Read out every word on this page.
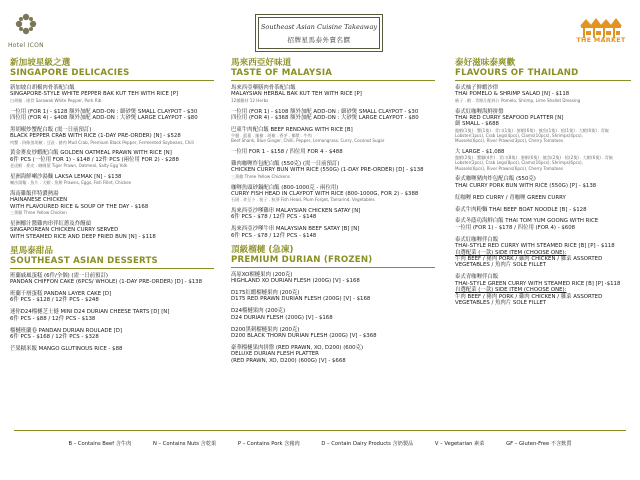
Hotel ICON
Southeast Asian Cuisine Takeaway
招牌星馬泰外賣名饌	THE MARKET
新加坡星級之選
SINGAPORE DELICACIES
新加坡白胡椒肉骨茶配白飯
SINGAPORE-STYLE WHITE PEPPER BAK KUT TEH WITH RICE [P]
白胡椒 . 排骨 Sarawak White Pepper, Pork Rib
一位用 (FOR 1) - $128 額外加配 ADD-ON : 細砂煲 SMALL CLAYPOT - $30
四位用 (FOR 4) - $408 額外加配 ADD-ON : 大砂煲 LARGE CLAYPOT - $80
黑胡椒炒蟹配白飯 (需一日前預訂)
BLACK PEPPER CRAB WITH RICE (1-DAY PRE-ORDER) [N] - $528
肉蟹 . 四條黑胡椒 . 豆豉 . 豬肉 Mud Crab, Premium Black Pepper, Fermented Soybeans, Chili
黃金麥皮炒蝦配白飯 GOLDEN OATMEAL PRAWN WITH RICE [N]
6件 PCS (一位用 FOR 1) - $148 / 12件 PCS (兩位用 FOR 2) - $288
老虎蝦 . 麥皮 . 咖喱葉 Tiger Prawn, Oatmeal, Salty Egg Yolk
星洲海鮮喇沙湯麵 LAKSA LEMAK [N] - $138
喇沙湯麵 . 魚片 . 大蝦 . 魚餅 Prawns, Eggs, Fish Fillet, Chicken
海南雞飯伴特濃熱湯
HAINANESE CHICKEN
WITH FLAVOURED RICE & SOUP OF THE DAY - $168
三黃雞 Three Yellow Chicken
星洲椰汁醬雞肉串伴紅蔥及炸饅頭
SINGAPOREAN CHICKEN CURRY SERVED
WITH STEAMED RICE AND DEEP FRIED BUN [N] - $118
星馬泰甜品
SOUTHEAST ASIAN DESSERTS
班蘭戚風蛋糕 (6件/全個) (需一日前預訂)
PANDAN CHIFFON CAKE (6PCS/ WHOLE) (1-DAY PRE-ORDER) [D] - $138
班蘭千層蛋糕 PANDAN LAYER CAKE [D]
6件 PCS - $128 / 12件 PCS - $248
迷你D24榴槤芝士撻 MINI D24 DURIAN CHEESE TARTS [D] [N]
6件 PCS - $88 / 12件 PCS - $138
榴槤班蘭卷 PANDAN DURIAN ROULADE [D]
6件 PCS - $168 / 12件 PCS - $328
芒果糯米飯 MANGO GLUTINOUS RICE - $88
馬來西亞好味道
TASTE OF MALAYSIA
馬來西亞藥膳肉骨茶配白飯
MALAYSIAN HERBAL BAK KUT TEH WITH RICE [P]
12種藥材 12 Herbs
一位用 (FOR 1) - $108 額外加配 ADD-ON : 細砂煲 SMALL CLAYPOT - $30
四位用 (FOR 4) - $368 額外加配 ADD-ON : 大砂煲 LARGE CLAYPOT - $80
巴東牛肉配白飯 BEEF RENDANG WITH RICE [B]
牛腱 . 藍薑 . 辣椒 . 胡椒 . 香茅 . 椰漿 . 牛肉
Beef Shank, Blue Ginger, Chilli, Pepper, Lemongrass, Curry, Coconut Sugar
一位用 FOR 1 - $158 / 四位用 FOR 4 - $488
雞肉咖喱炸包配白飯 (550克) (需一日前預訂)
CHICKEN CURRY BUN WITH RICE (550G) (1-DAY PRE-ORDER) [D] - $138
三黃雞 Three Yellow Chickens
咖喱魚頭砂鍋配白飯 (800-1000克 - 兩位用)
CURRY FISH HEAD IN CLAYPOT WITH RICE (800-1000G, FOR 2) - $388
石斑 . 炸豆卜 . 茄子 . 秋葵 Fish Head, Plum Forget, Tamarind, Vegetables
馬來西亞沙嗲雞串 MALAYSIAN CHICKEN SATAY [N]
6件 PCS - $78 / 12件 PCS - $148
馬來西亞沙嗲牛串 MALAYSIAN BEEF SATAY [B] [N]
6件 PCS - $78 / 12件 PCS - $148
頂級榴槤 (急凍)
PREMIUM DURIAN (FROZEN)
高原XO榴槤果肉 (200克)
HIGHLAND XO DURIAN FLESH (200G) [V] - $168
D175紅蝦榴槤果肉 (200克)
D175 RED PRAWN DURIAN FLESH (200G) [V] - $168
D24榴槤果肉 (200克)
D24 DURIAN FLESH (200G) [V] - $168
D200黑刺榴槤果肉 (200克)
D200 BLACK THORN DURIAN FLESH (200G) [V] - $368
豪華榴槤果肉拼盤 (RED PRAWN, XO, D200) (600克)
DELUXE DURIAN FLESH PLATTER
(RED PRAWN, XO, D200) (600G) [V] - $668
泰好滋味泰爽歡
FLAVOURS OF THAILAND
泰式柚子鮮蝦沙律
THAI POMELO & SHRIMP SALAD [N] - $118
柚子 . 蝦 . 青檸汁配料汁 Pomelo, Shrimp, Lime Shallot Dressing
泰式紅咖喱海鮮拼盤
THAI RED CURRY SEAFOOD PLATTER [N]
細 SMALL - $688
龍蝦(1隻) . 蟹(1隻) . 青口(1隻) . 鮮蝦(6隻) . 魷魚(1隻) . 蛤(1隻) . 大蝦(6隻) . 青椒
Lobster(1pcs), Crab Legs(4pcs), Clams(10pcs), Shrimps(4pcs),
Mussels(6pcs), River Prawns(3pcs), Cherry Tomatoes
大 LARGE - $1,088
龍蝦(2隻) . 蟹腳(4件) . 青口(8隻) . 鮮蝦(6隻) . 魷魚(2隻) . 蛤(2隻) . 大蝦(6隻) . 青椒
Lobster(2pcs), Crab Legs(8pcs), Clams(16pcs), Shrimps(6pcs),
Mussels(6pcs), River Prawns(6pcs), Cherry Tomatoes
泰式咖喱豬肉炸包配白飯 (550克)
THAI CURRY PORK BUN WITH RICE (550G) [P] - $138
紅咖喱 RED CURRY / 青咖喱 GREEN CURRY
泰式牛肉粉麵 THAI BEEF BOAT NOODLE [B] - $128
泰式冬蔭功海鮮白飯 THAI TOM YUM GOONG WITH RICE
一位用 (FOR 1) - $178 / 四位用 (FOR 4) - $608
泰式紅咖喱伴白飯
THAI-STYLE RED CURRY WITH STEAMED RICE [B] [P] - $118
自選配菜 (一款) SIDE ITEM (CHOOSE ONE):
牛肉 BEEF / 豬肉 PORK / 雞肉 CHICKEN / 雜菜 ASSORTED
VEGETABLES / 魚肉片 SOLE FILLET
泰式青咖喱伴白飯
THAI-STYLE GREEN CURRY WITH STEAMED RICE [B] [P] -$118
自選配菜 (一款) SIDE ITEM (CHOOSE ONE):
牛肉 BEEF / 豬肉 PORK / 雞肉 CHICKEN / 雜菜 ASSORTED
VEGETABLES / 魚肉片 SOLE FILLET
B – Contains Beef 含牛肉	N – Contains Nuts 含乾果	P – Contains Pork 含豬肉	D – Contain Dairy Products 含奶製品	V – Vegetarian 素菜	GF – Gluten-Free 不含麩質
